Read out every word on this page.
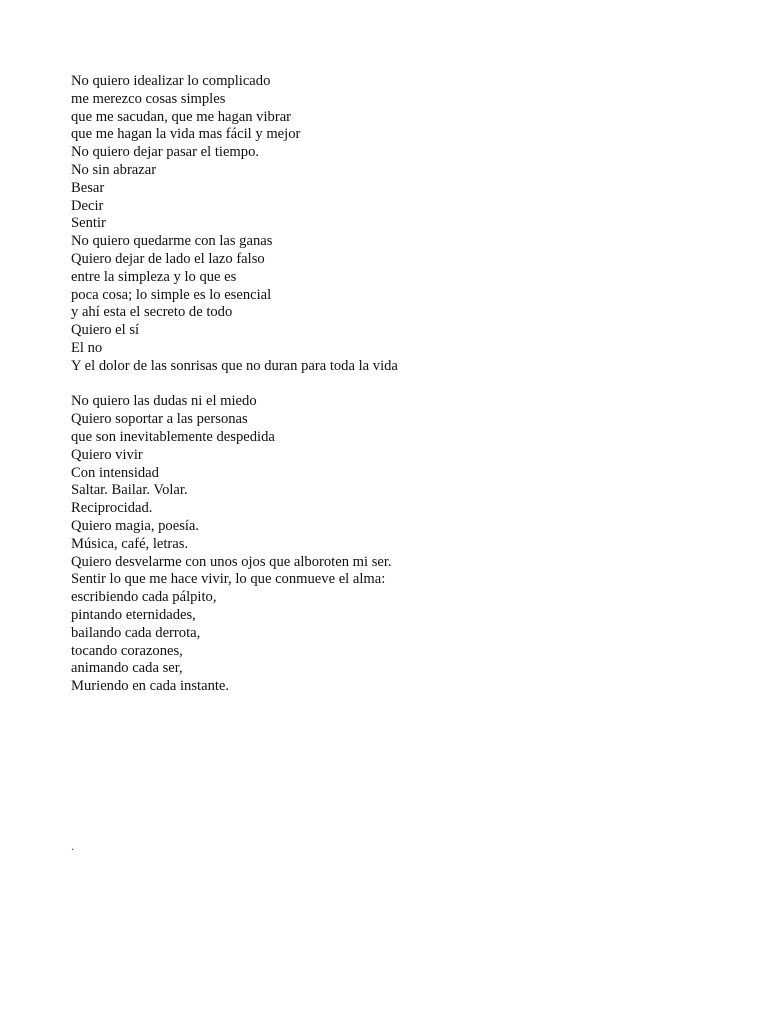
No quiero idealizar lo complicado
me merezco cosas simples
que me sacudan, que me hagan vibrar
que me hagan la vida mas fácil y mejor
No quiero dejar pasar el tiempo.
No sin abrazar
Besar
Decir
Sentir
No quiero quedarme con las ganas
Quiero dejar de lado el lazo falso
entre la simpleza y lo que es
poca cosa; lo simple es lo esencial
y ahí esta el secreto de todo
Quiero el sí
El no
Y el dolor de las sonrisas que no duran para toda la vida
No quiero las dudas ni el miedo
Quiero soportar a las personas
que son inevitablemente despedida
Quiero vivir
Con intensidad
Saltar. Bailar. Volar.
Reciprocidad.
Quiero magia, poesía.
Música, café, letras.
Quiero desvelarme con unos ojos que alboroten mi ser.
Sentir lo que me hace vivir, lo que conmueve el alma:
escribiendo cada pálpito,
pintando eternidades,
bailando cada derrota,
tocando corazones,
animando cada ser,
Muriendo en cada instante.
.
